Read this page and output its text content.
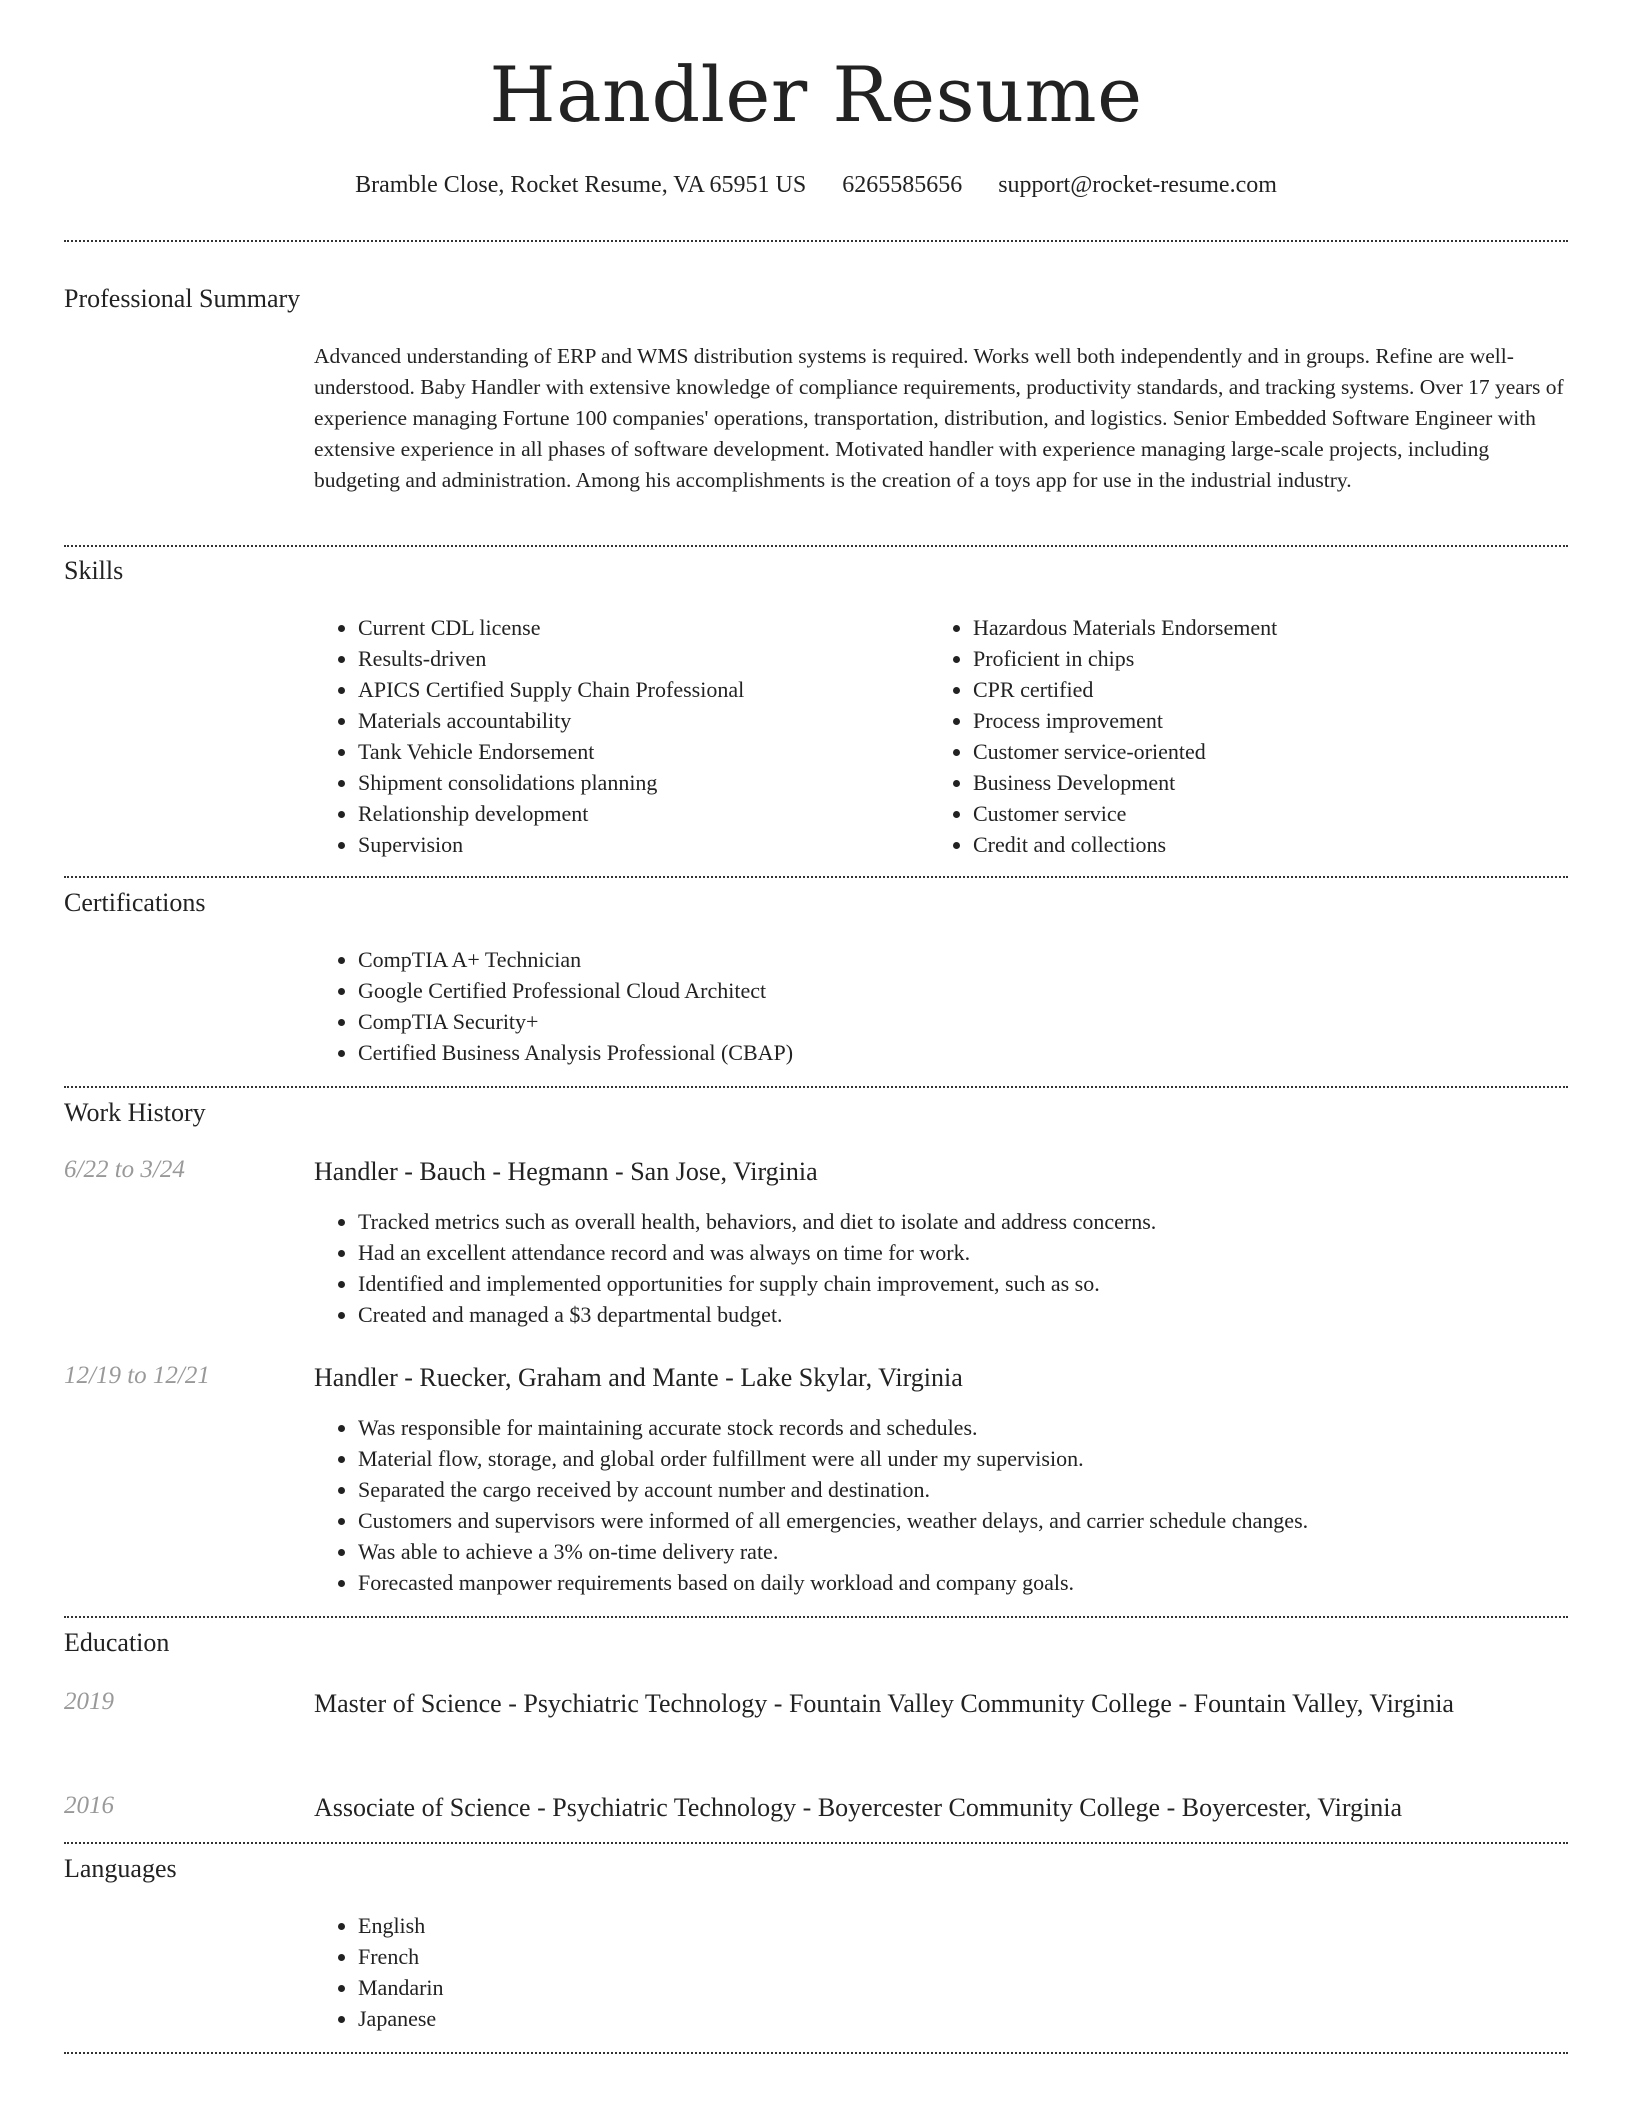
Handler Resume
Bramble Close, Rocket Resume, VA 65951 US 6265585656 support@rocket-resume.com
Professional Summary
Advanced understanding of ERP and WMS distribution systems is required. Works well both independently and in groups. Refine are well-understood. Baby Handler with extensive knowledge of compliance requirements, productivity standards, and tracking systems. Over 17 years of experience managing Fortune 100 companies' operations, transportation, distribution, and logistics. Senior Embedded Software Engineer with extensive experience in all phases of software development. Motivated handler with experience managing large-scale projects, including budgeting and administration. Among his accomplishments is the creation of a toys app for use in the industrial industry.
Skills
• Current CDL license
• Results-driven
• APICS Certified Supply Chain Professional
• Materials accountability
• Tank Vehicle Endorsement
• Shipment consolidations planning
• Relationship development
• Supervision
• Hazardous Materials Endorsement
• Proficient in chips
• CPR certified
• Process improvement
• Customer service-oriented
• Business Development
• Customer service
• Credit and collections
Certifications
• CompTIA A+ Technician
• Google Certified Professional Cloud Architect
• CompTIA Security+
• Certified Business Analysis Professional (CBAP)
Work History
6/22 to 3/24	Handler - Bauch - Hegmann - San Jose, Virginia
• Tracked metrics such as overall health, behaviors, and diet to isolate and address concerns.
• Had an excellent attendance record and was always on time for work.
• Identified and implemented opportunities for supply chain improvement, such as so.
• Created and managed a $3 departmental budget.
12/19 to 12/21	Handler - Ruecker, Graham and Mante - Lake Skylar, Virginia
• Was responsible for maintaining accurate stock records and schedules.
• Material flow, storage, and global order fulfillment were all under my supervision.
• Separated the cargo received by account number and destination.
• Customers and supervisors were informed of all emergencies, weather delays, and carrier schedule changes.
• Was able to achieve a 3% on-time delivery rate.
• Forecasted manpower requirements based on daily workload and company goals.
Education
2019	Master of Science - Psychiatric Technology - Fountain Valley Community College - Fountain Valley, Virginia
2016	Associate of Science - Psychiatric Technology - Boyercester Community College - Boyercester, Virginia
Languages
• English
• French
• Mandarin
• Japanese
